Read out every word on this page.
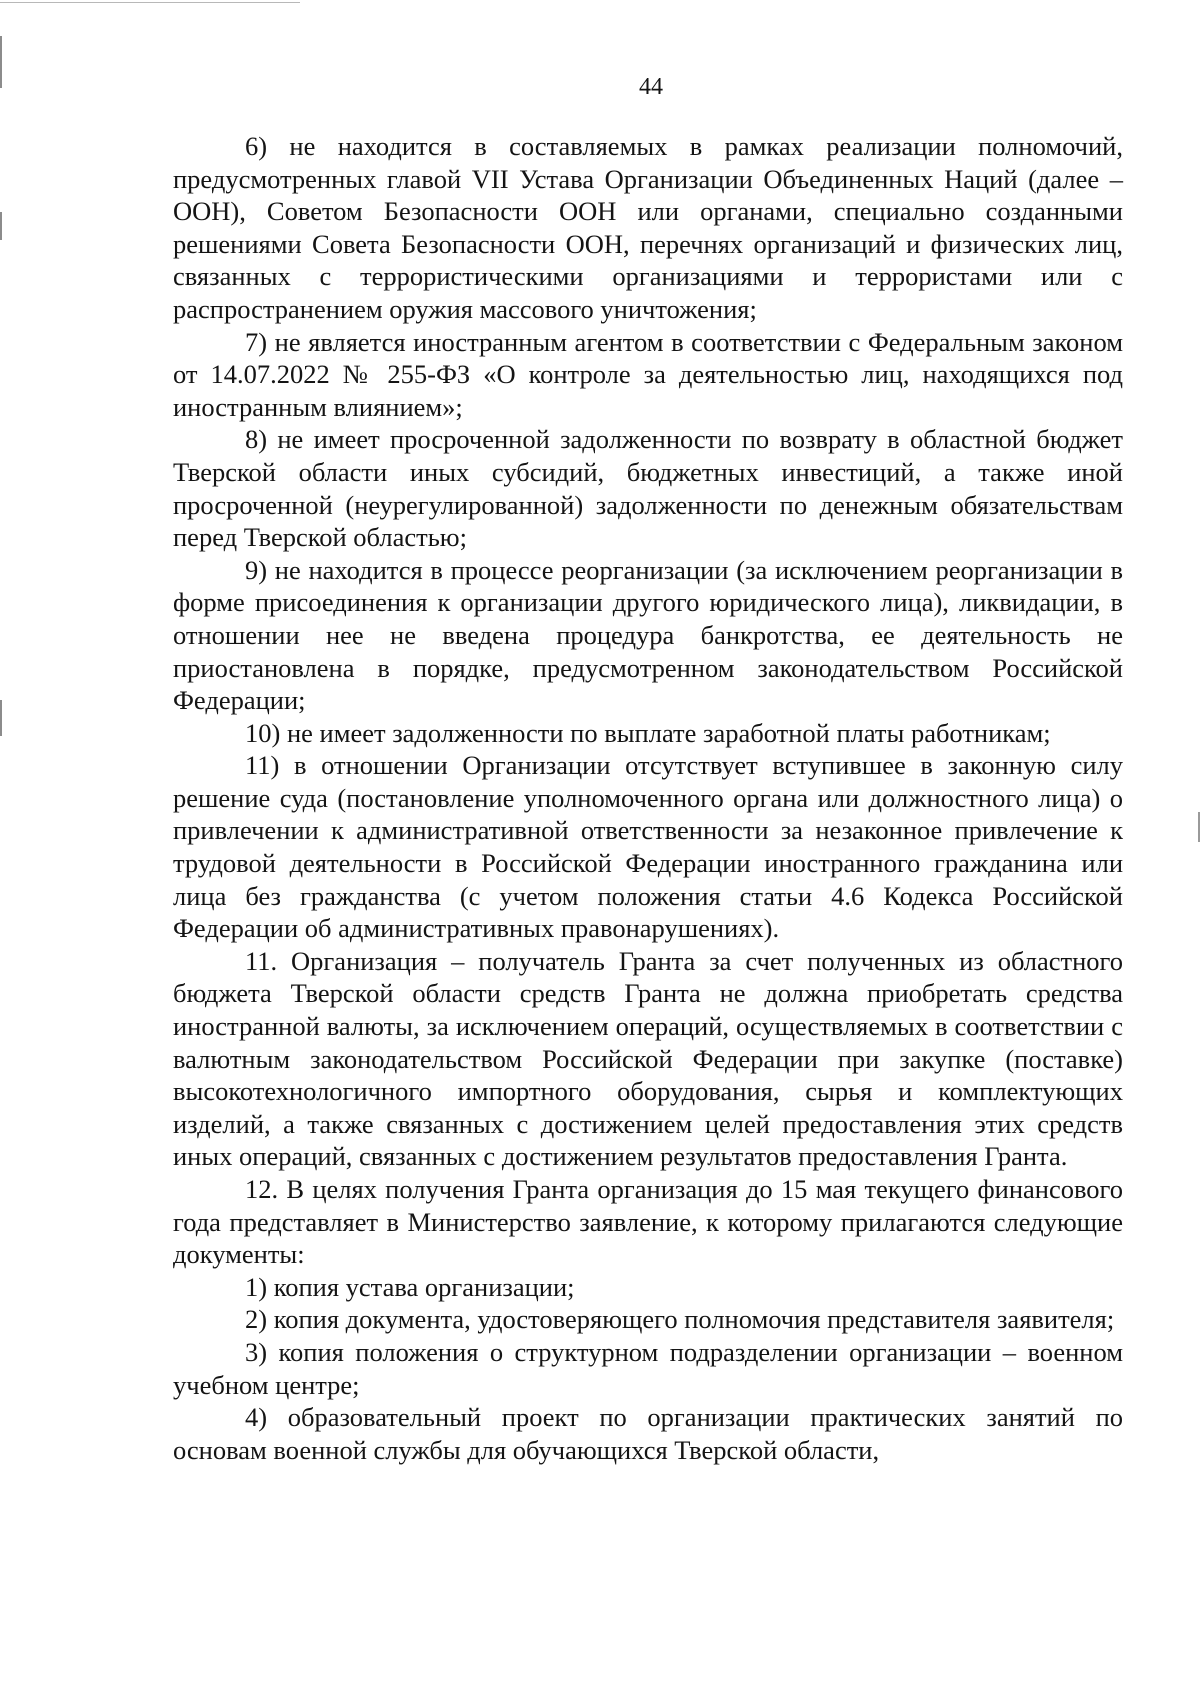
44

6) не находится в составляемых в рамках реализации полномочий, предусмотренных главой VII Устава Организации Объединенных Наций (далее – ООН), Советом Безопасности ООН или органами, специально созданными решениями Совета Безопасности ООН, перечнях организаций и физических лиц, связанных с террористическими организациями и террористами или с распространением оружия массового уничтожения;

7) не является иностранным агентом в соответствии с Федеральным законом от 14.07.2022 № 255-ФЗ «О контроле за деятельностью лиц, находящихся под иностранным влиянием»;

8) не имеет просроченной задолженности по возврату в областной бюджет Тверской области иных субсидий, бюджетных инвестиций, а также иной просроченной (неурегулированной) задолженности по денежным обязательствам перед Тверской областью;

9) не находится в процессе реорганизации (за исключением реорганизации в форме присоединения к организации другого юридического лица), ликвидации, в отношении нее не введена процедура банкротства, ее деятельность не приостановлена в порядке, предусмотренном законодательством Российской Федерации;

10) не имеет задолженности по выплате заработной платы работникам;

11) в отношении Организации отсутствует вступившее в законную силу решение суда (постановление уполномоченного органа или должностного лица) о привлечении к административной ответственности за незаконное привлечение к трудовой деятельности в Российской Федерации иностранного гражданина или лица без гражданства (с учетом положения статьи 4.6 Кодекса Российской Федерации об административных правонарушениях).

11. Организация – получатель Гранта за счет полученных из областного бюджета Тверской области средств Гранта не должна приобретать средства иностранной валюты, за исключением операций, осуществляемых в соответствии с валютным законодательством Российской Федерации при закупке (поставке) высокотехнологичного импортного оборудования, сырья и комплектующих изделий, а также связанных с достижением целей предоставления этих средств иных операций, связанных с достижением результатов предоставления Гранта.

12. В целях получения Гранта организация до 15 мая текущего финансового года представляет в Министерство заявление, к которому прилагаются следующие документы:

1) копия устава организации;

2) копия документа, удостоверяющего полномочия представителя заявителя;

3) копия положения о структурном подразделении организации – военном учебном центре;

4) образовательный проект по организации практических занятий по основам военной службы для обучающихся Тверской области,
